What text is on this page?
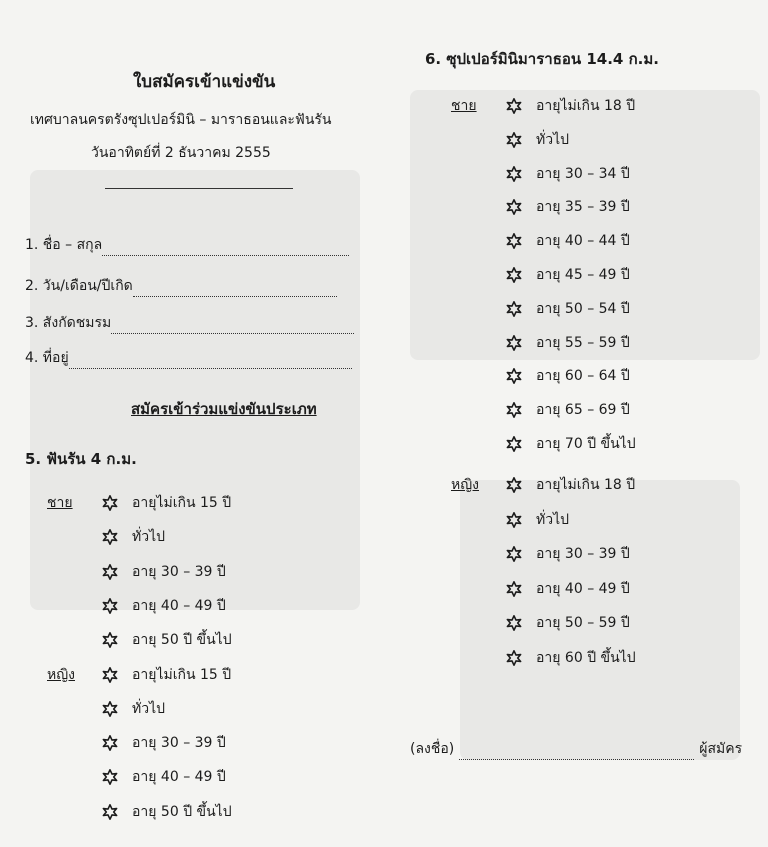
ใบสมัครเข้าแข่งขัน
เทศบาลนครตรังซุปเปอร์มินิ – มาราธอนและฟันรัน
วันอาทิตย์ที่ 2 ธันวาคม 2555
1. ชื่อ – สกุล
2. วัน/เดือน/ปีเกิด
3. สังกัดชมรม
4. ที่อยู่
สมัครเข้าร่วมแข่งขันประเภท
5. ฟันรัน 4 ก.ม.
ชาย	อายุไม่เกิน 15 ปี
ทั่วไป
อายุ 30 – 39 ปี
อายุ 40 – 49 ปี
อายุ 50 ปี ขึ้นไป
หญิง	อายุไม่เกิน 15 ปี
ทั่วไป
อายุ 30 – 39 ปี
อายุ 40 – 49 ปี
อายุ 50 ปี ขึ้นไป
6. ซุปเปอร์มินิมาราธอน 14.4 ก.ม.
ชาย	อายุไม่เกิน 18 ปี
ทั่วไป
อายุ 30 – 34 ปี
อายุ 35 – 39 ปี
อายุ 40 – 44 ปี
อายุ 45 – 49 ปี
อายุ 50 – 54 ปี
อายุ 55 – 59 ปี
อายุ 60 – 64 ปี
อายุ 65 – 69 ปี
อายุ 70 ปี ขึ้นไป
หญิง	อายุไม่เกิน 18 ปี
ทั่วไป
อายุ 30 – 39 ปี
อายุ 40 – 49 ปี
อายุ 50 – 59 ปี
อายุ 60 ปี ขึ้นไป
(ลงชื่อ)	ผู้สมัคร
